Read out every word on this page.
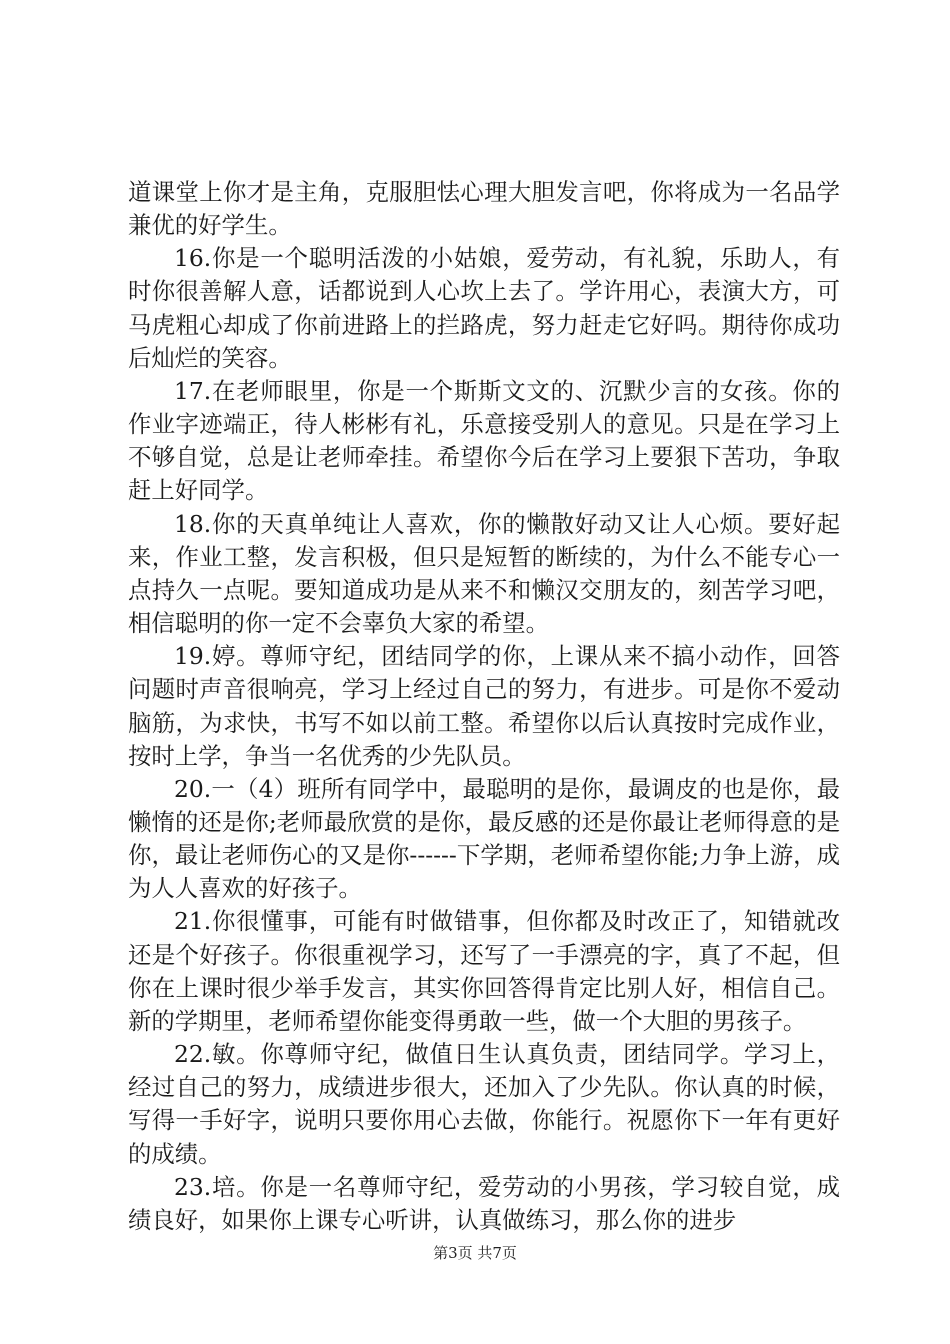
道课堂上你才是主角，克服胆怯心理大胆发言吧，你将成为一名品学兼优的好学生。

16.你是一个聪明活泼的小姑娘，爱劳动，有礼貌，乐助人，有时你很善解人意，话都说到人心坎上去了。学许用心，表演大方，可马虎粗心却成了你前进路上的拦路虎，努力赶走它好吗。期待你成功后灿烂的笑容。

17.在老师眼里，你是一个斯斯文文的、沉默少言的女孩。你的作业字迹端正，待人彬彬有礼，乐意接受别人的意见。只是在学习上不够自觉，总是让老师牵挂。希望你今后在学习上要狠下苦功，争取赶上好同学。

18.你的天真单纯让人喜欢，你的懒散好动又让人心烦。要好起来，作业工整，发言积极，但只是短暂的断续的，为什么不能专心一点持久一点呢。要知道成功是从来不和懒汉交朋友的，刻苦学习吧，相信聪明的你一定不会辜负大家的希望。

19.婷。尊师守纪，团结同学的你，上课从来不搞小动作，回答问题时声音很响亮，学习上经过自己的努力，有进步。可是你不爱动脑筋，为求快，书写不如以前工整。希望你以后认真按时完成作业，按时上学，争当一名优秀的少先队员。

20.一（4）班所有同学中，最聪明的是你，最调皮的也是你，最懒惰的还是你;老师最欣赏的是你，最反感的还是你最让老师得意的是你，最让老师伤心的又是你------下学期，老师希望你能;力争上游，成为人人喜欢的好孩子。

21.你很懂事，可能有时做错事，但你都及时改正了，知错就改还是个好孩子。你很重视学习，还写了一手漂亮的字，真了不起，但你在上课时很少举手发言，其实你回答得肯定比别人好，相信自己。新的学期里，老师希望你能变得勇敢一些，做一个大胆的男孩子。

22.敏。你尊师守纪，做值日生认真负责，团结同学。学习上，经过自己的努力，成绩进步很大，还加入了少先队。你认真的时候，写得一手好字，说明只要你用心去做，你能行。祝愿你下一年有更好的成绩。

23.培。你是一名尊师守纪，爱劳动的小男孩，学习较自觉，成绩良好，如果你上课专心听讲，认真做练习，那么你的进步

第3页 共7页
